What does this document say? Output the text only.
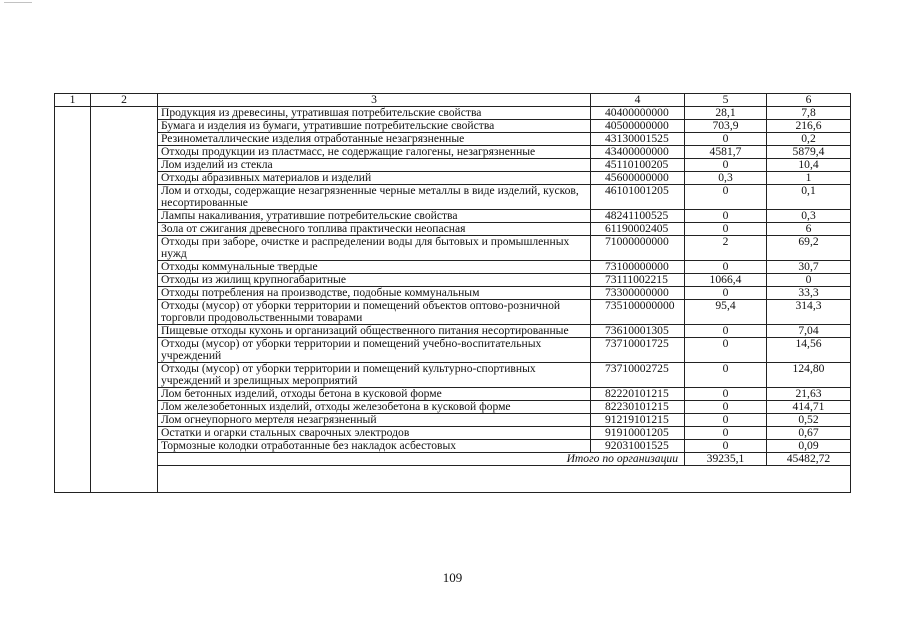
1	2	3	4	5	6
		Продукция из древесины, утратившая потребительские свойства	40400000000	28,1	7,8
		Бумага и изделия из бумаги, утратившие потребительские свойства	40500000000	703,9	216,6
		Резинометаллические изделия отработанные незагрязненные	43130001525	0	0,2
		Отходы продукции из пластмасс, не содержащие галогены, незагрязненные	43400000000	4581,7	5879,4
		Лом изделий из стекла	45110100205	0	10,4
		Отходы абразивных материалов и изделий	45600000000	0,3	1
		Лом и отходы, содержащие незагрязненные черные металлы в виде изделий, кусков, несортированные	46101001205	0	0,1
		Лампы накаливания, утратившие потребительские свойства	48241100525	0	0,3
		Зола от сжигания древесного топлива практически неопасная	61190002405	0	6
		Отходы при заборе, очистке и распределении воды для бытовых и промышленных нужд	71000000000	2	69,2
		Отходы коммунальные твердые	73100000000	0	30,7
		Отходы из жилищ крупногабаритные	73111002215	1066,4	0
		Отходы потребления на производстве, подобные коммунальным	73300000000	0	33,3
		Отходы (мусор) от уборки территории и помещений объектов оптово-розничной торговли продовольственными товарами	735100000000	95,4	314,3
		Пищевые отходы кухонь и организаций общественного питания несортированные	73610001305	0	7,04
		Отходы (мусор) от уборки территории и помещений учебно-воспитательных учреждений	73710001725	0	14,56
		Отходы (мусор) от уборки территории и помещений культурно-спортивных учреждений и зрелищных мероприятий	73710002725	0	124,80
		Лом бетонных изделий, отходы бетона в кусковой форме	82220101215	0	21,63
		Лом железобетонных изделий, отходы железобетона в кусковой форме	82230101215	0	414,71
		Лом огнеупорного мертеля незагрязненный	91219101215	0	0,52
		Остатки и огарки стальных сварочных электродов	91910001205	0	0,67
		Тормозные колодки отработанные без накладок асбестовых	92031001525	0	0,09
		Итого по организации		39235,1	45482,72

109
